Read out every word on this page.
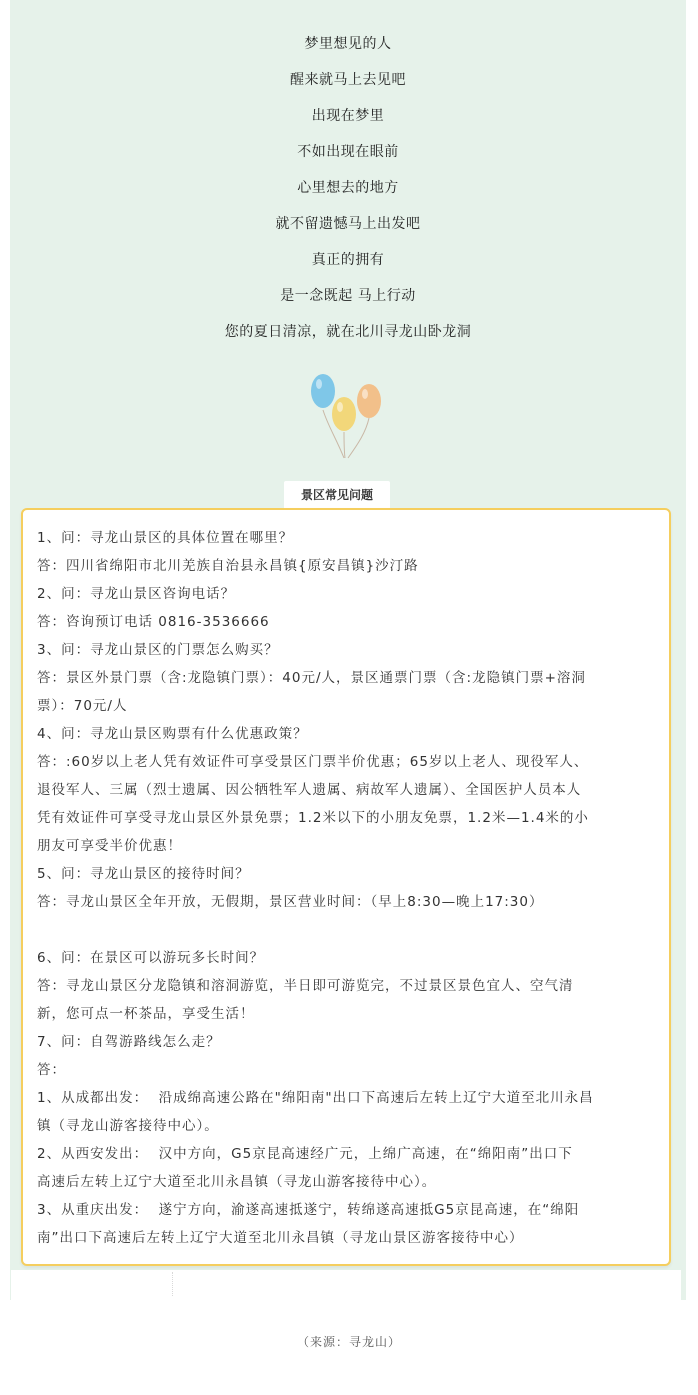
梦里想见的人
醒来就马上去见吧
出现在梦里
不如出现在眼前
心里想去的地方
就不留遗憾马上出发吧
真正的拥有
是一念既起 马上行动
您的夏日清凉，就在北川寻龙山卧龙洞
景区常见问题

1、问：寻龙山景区的具体位置在哪里？

答：四川省绵阳市北川羌族自治县永昌镇{原安昌镇}沙汀路

2、问：寻龙山景区咨询电话？

答：咨询预订电话 0816-3536666

3、问：寻龙山景区的门票怎么购买？

答：景区外景门票（含:龙隐镇门票）：40元/人，景区通票门票（含:龙隐镇门票+溶洞

票）：70元/人

4、问：寻龙山景区购票有什么优惠政策？

答：:60岁以上老人凭有效证件可享受景区门票半价优惠；65岁以上老人、现役军人、

退役军人、三属（烈士遗属、因公牺牲军人遗属、病故军人遗属）、全国医护人员本人

凭有效证件可享受寻龙山景区外景免票；1.2米以下的小朋友免票，1.2米—1.4米的小

朋友可享受半价优惠！

5、问：寻龙山景区的接待时间？

答：寻龙山景区全年开放，无假期，景区营业时间：（早上8:30—晚上17:30）

6、问：在景区可以游玩多长时间？

答：寻龙山景区分龙隐镇和溶洞游览，半日即可游览完，不过景区景色宜人、空气清

新，您可点一杯茶品，享受生活！

7、问：自驾游路线怎么走？

答：

1、从成都出发：  沿成绵高速公路在"绵阳南"出口下高速后左转上辽宁大道至北川永昌

镇（寻龙山游客接待中心）。

2、从西安发出：  汉中方向，G5京昆高速经广元，上绵广高速，在“绵阳南”出口下

高速后左转上辽宁大道至北川永昌镇（寻龙山游客接待中心）。

3、从重庆出发：  遂宁方向，渝遂高速抵遂宁，转绵遂高速抵G5京昆高速，在“绵阳

南”出口下高速后左转上辽宁大道至北川永昌镇（寻龙山景区游客接待中心）

（来源：寻龙山）
